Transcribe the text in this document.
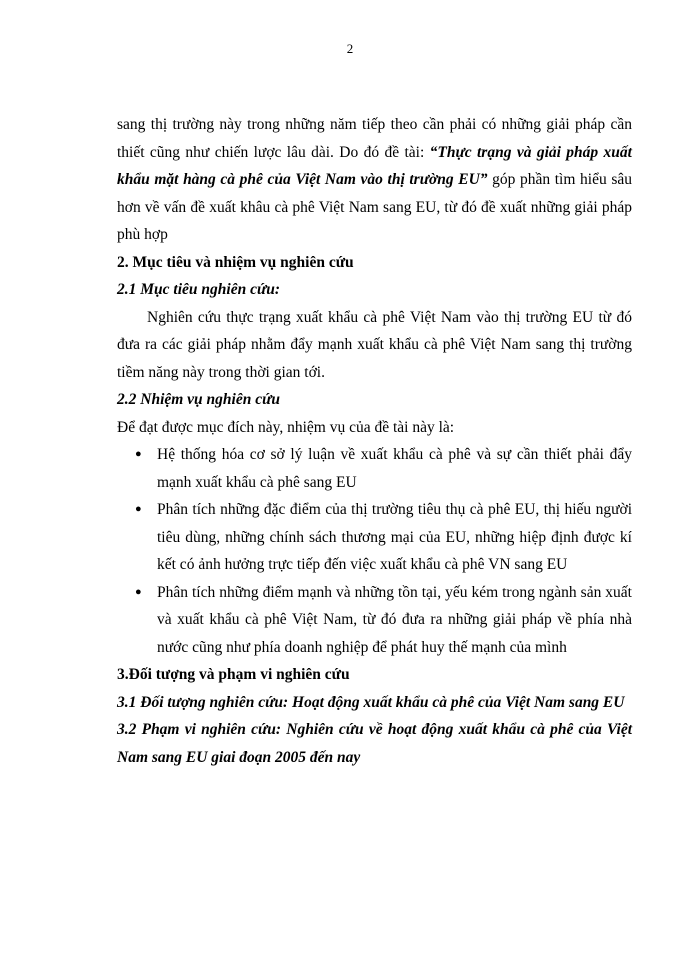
2

sang thị trường này trong những năm tiếp theo cần phải có những giải pháp cần thiết cũng như chiến lược lâu dài. Do đó đề tài: “Thực trạng và giải pháp xuất khẩu mặt hàng cà phê của Việt Nam vào thị trường EU” góp phần tìm hiểu sâu hơn về vấn đề xuất khâu cà phê Việt Nam sang EU, từ đó đề xuất những giải pháp phù hợp

2. Mục tiêu và nhiệm vụ nghiên cứu

2.1 Mục tiêu nghiên cứu:

Nghiên cứu thực trạng xuất khẩu cà phê Việt Nam vào thị trường EU từ đó đưa ra các giải pháp nhằm đẩy mạnh xuất khẩu cà phê Việt Nam sang thị trường tiềm năng này trong thời gian tới.

2.2 Nhiệm vụ nghiên cứu

Để đạt được mục đích này, nhiệm vụ của đề tài này là:

● Hệ thống hóa cơ sở lý luận về xuất khẩu cà phê và sự cần thiết phải đẩy mạnh xuất khẩu cà phê sang EU
● Phân tích những đặc điểm của thị trường tiêu thụ cà phê EU, thị hiếu người tiêu dùng, những chính sách thương mại của EU, những hiệp định được kí kết có ảnh hưởng trực tiếp đến việc xuất khẩu cà phê VN sang EU
● Phân tích những điểm mạnh và những tồn tại, yếu kém trong ngành sản xuất và xuất khẩu cà phê Việt Nam, từ đó đưa ra những giải pháp về phía nhà nước cũng như phía doanh nghiệp để phát huy thế mạnh của mình

3.Đối tượng và phạm vi nghiên cứu

3.1 Đối tượng nghiên cứu: Hoạt động xuất khẩu cà phê của Việt Nam sang EU

3.2 Phạm vi nghiên cứu: Nghiên cứu về hoạt động xuất khẩu cà phê của Việt Nam sang EU giai đoạn 2005 đến nay
